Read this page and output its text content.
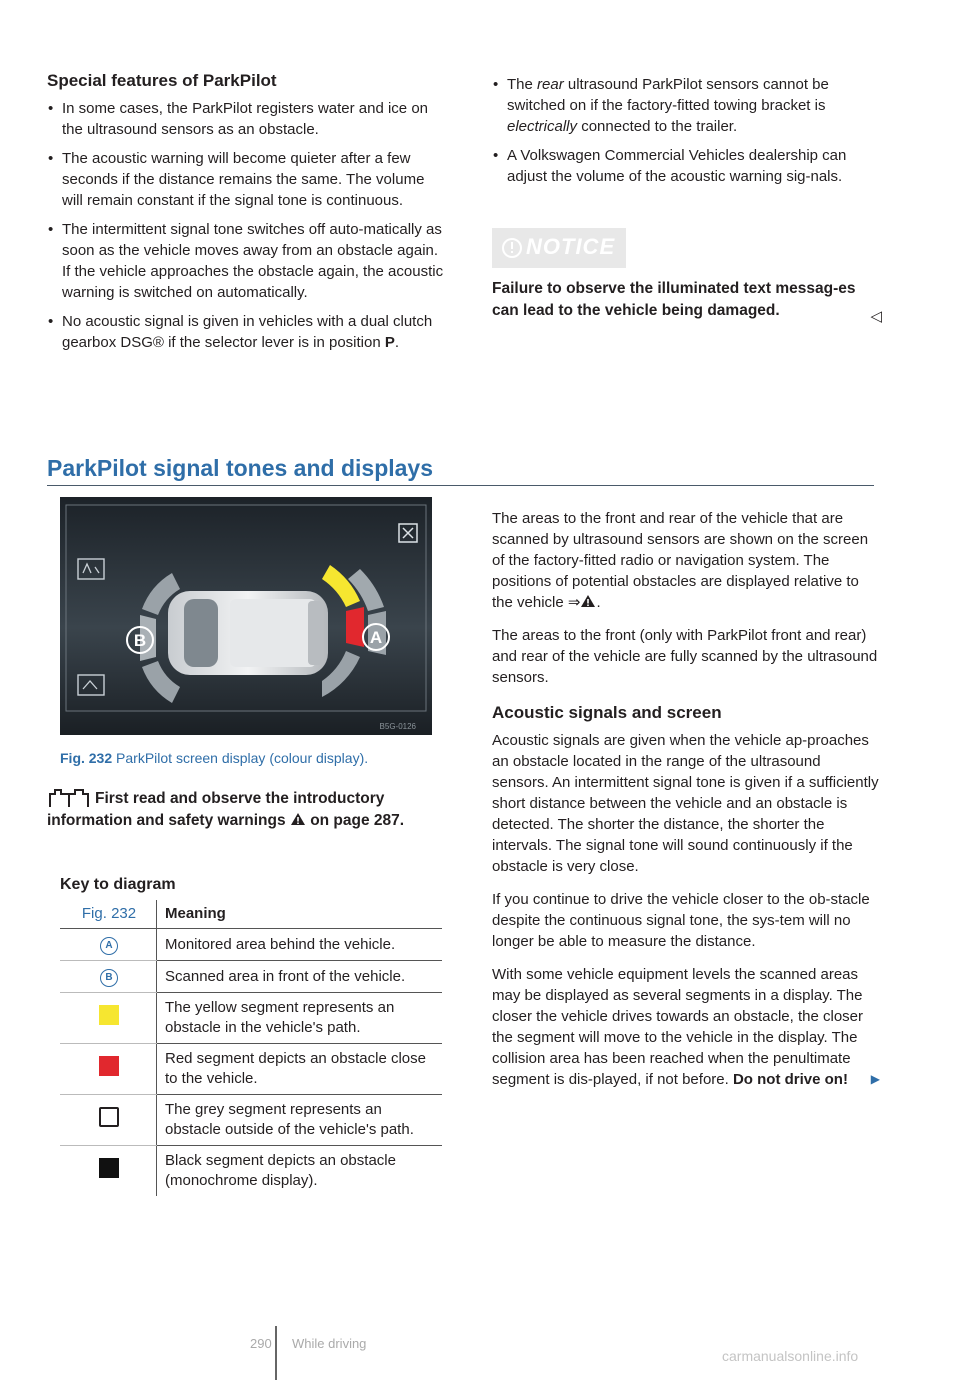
Special features of ParkPilot

• In some cases, the ParkPilot registers water and ice on the ultrasound sensors as an obstacle.

• The acoustic warning will become quieter after a few seconds if the distance remains the same. The volume will remain constant if the signal tone is continuous.

• The intermittent signal tone switches off auto-matically as soon as the vehicle moves away from an obstacle again. If the vehicle approaches the obstacle again, the acoustic warning is switched on automatically.

• No acoustic signal is given in vehicles with a dual clutch gearbox DSG® if the selector lever is in position P.

• The rear ultrasound ParkPilot sensors cannot be switched on if the factory-fitted towing bracket is electrically connected to the trailer.

• A Volkswagen Commercial Vehicles dealership can adjust the volume of the acoustic warning sig-nals.

NOTICE
Failure to observe the illuminated text messag-es can lead to the vehicle being damaged.	◁
ParkPilot signal tones and displays
B	A
B5G-0126
Fig. 232 ParkPilot screen display (colour display).
First read and observe the introductory information and safety warnings on page 287.
Key to diagram
Fig. 232	Meaning
A	Monitored area behind the vehicle.
B	Scanned area in front of the vehicle.
	The yellow segment represents an obstacle in the vehicle's path.
	Red segment depicts an obstacle close to the vehicle.
	The grey segment represents an obstacle outside of the vehicle's path.
	Black segment depicts an obstacle (monochrome display).

The areas to the front and rear of the vehicle that are scanned by ultrasound sensors are shown on the screen of the factory-fitted radio or navigation system. The positions of potential obstacles are displayed relative to the vehicle ⇒ .

The areas to the front (only with ParkPilot front and rear) and rear of the vehicle are fully scanned by the ultrasound sensors.

Acoustic signals and screen

Acoustic signals are given when the vehicle ap-proaches an obstacle located in the range of the ultrasound sensors. An intermittent signal tone is given if a sufficiently short distance between the vehicle and an obstacle is detected. The shorter the distance, the shorter the intervals. The signal tone will sound continuously if the obstacle is very close.

If you continue to drive the vehicle closer to the ob-stacle despite the continuous signal tone, the sys-tem will no longer be able to measure the distance.

With some vehicle equipment levels the scanned areas may be displayed as several segments in a display. The closer the vehicle drives towards an obstacle, the closer the segment will move to the vehicle in the display. The collision area has been reached when the penultimate segment is dis-played, if not before. Do not drive on! ▶

290 While driving
carmanualsonline.info
